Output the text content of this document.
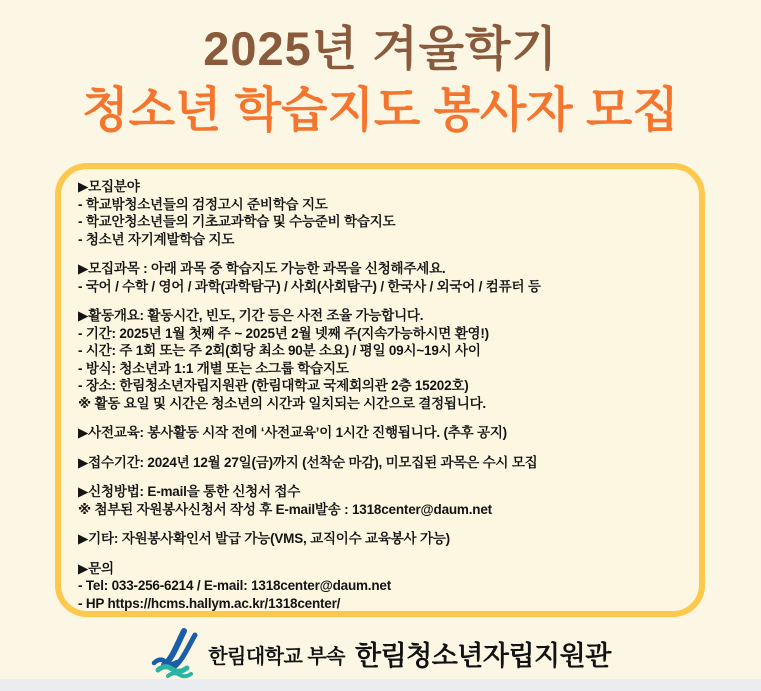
2025년 겨울학기
청소년 학습지도 봉사자 모집
▶모집분야
- 학교밖청소년들의 검정고시 준비학습 지도
- 학교안청소년들의 기초교과학습 및 수능준비 학습지도
- 청소년 자기계발학습 지도
▶모집과목 : 아래 과목 중 학습지도 가능한 과목을 신청해주세요.
- 국어 / 수학 / 영어 / 과학(과학탐구) / 사회(사회탐구) / 한국사 / 외국어 / 컴퓨터 등
▶활동개요: 활동시간, 빈도, 기간 등은 사전 조율 가능합니다.
- 기간: 2025년 1월 첫째 주 ~ 2025년 2월 넷째 주(지속가능하시면 환영!)
- 시간: 주 1회 또는 주 2회(회당 최소 90분 소요) / 평일 09시~19시 사이
- 방식: 청소년과 1:1 개별 또는 소그룹 학습지도
- 장소: 한림청소년자립지원관 (한림대학교 국제회의관 2층 15202호)
※ 활동 요일 및 시간은 청소년의 시간과 일치되는 시간으로 결정됩니다.
▶사전교육: 봉사활동 시작 전에 ‘사전교육’이 1시간 진행됩니다. (추후 공지)
▶접수기간: 2024년 12월 27일(금)까지 (선착순 마감), 미모집된 과목은 수시 모집
▶신청방법: E-mail을 통한 신청서 접수
※ 첨부된 자원봉사신청서 작성 후 E-mail발송 : 1318center@daum.net
▶기타: 자원봉사확인서 발급 가능(VMS, 교직이수 교육봉사 가능)
▶문의
- Tel: 033-256-6214 / E-mail: 1318center@daum.net
- HP https://hcms.hallym.ac.kr/1318center/
한림대학교 부속 한림청소년자립지원관
